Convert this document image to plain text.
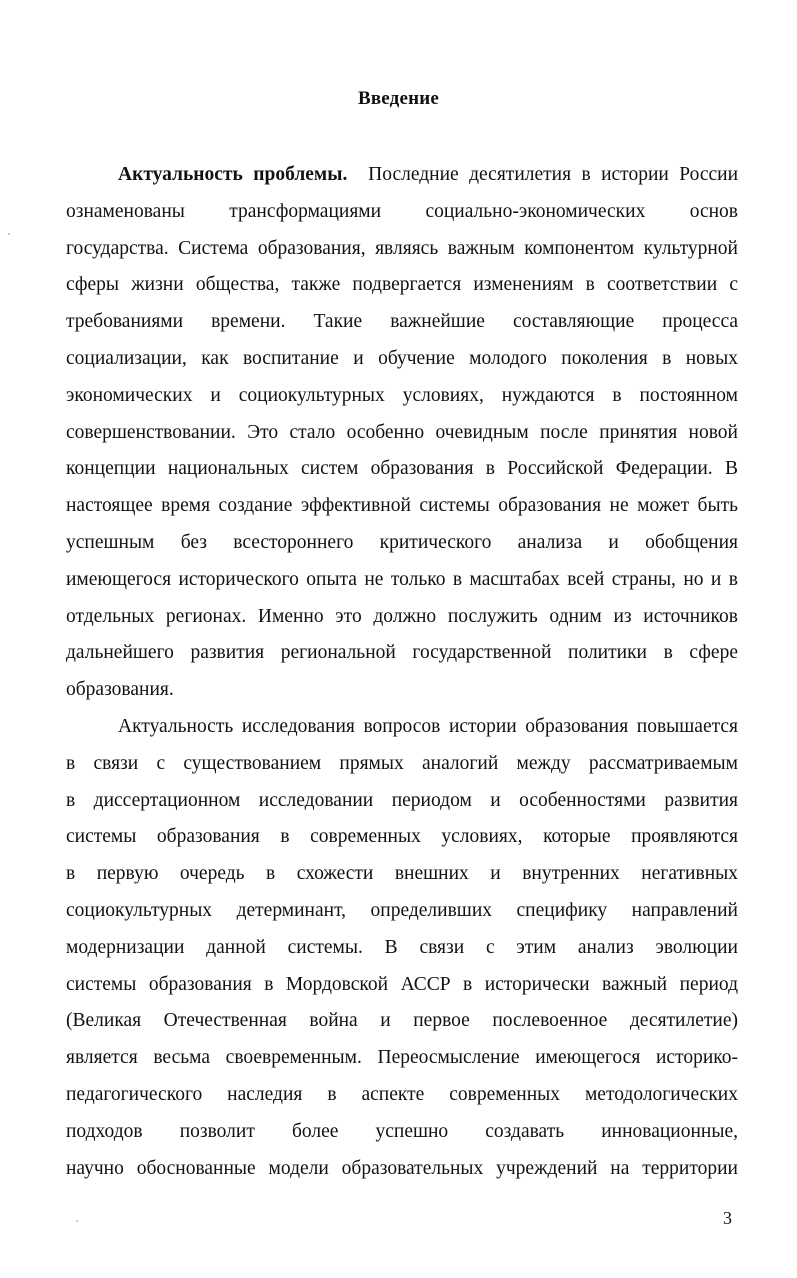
Введение
Актуальность проблемы. Последние десятилетия в истории России
ознаменованы трансформациями социально-экономических основ
государства. Система образования, являясь важным компонентом культурной
сферы жизни общества, также подвергается изменениям в соответствии с
требованиями времени. Такие важнейшие составляющие процесса
социализации, как воспитание и обучение молодого поколения в новых
экономических и социокультурных условиях, нуждаются в постоянном
совершенствовании. Это стало особенно очевидным после принятия новой
концепции национальных систем образования в Российской Федерации. В
настоящее время создание эффективной системы образования не может быть
успешным без всестороннего критического анализа и обобщения
имеющегося исторического опыта не только в масштабах всей страны, но и в
отдельных регионах. Именно это должно послужить одним из источников
дальнейшего развития региональной государственной политики в сфере
образования.
Актуальность исследования вопросов истории образования повышается
в связи с существованием прямых аналогий между рассматриваемым
в диссертационном исследовании периодом и особенностями развития
системы образования в современных условиях, которые проявляются
в первую очередь в схожести внешних и внутренних негативных
социокультурных детерминант, определивших специфику направлений
модернизации данной системы. В связи с этим анализ эволюции
системы образования в Мордовской АССР в исторически важный период
(Великая Отечественная война и первое послевоенное десятилетие)
является весьма своевременным. Переосмысление имеющегося историко-
педагогического наследия в аспекте современных методологических
подходов позволит более успешно создавать инновационные,
научно обоснованные модели образовательных учреждений на территории
3
